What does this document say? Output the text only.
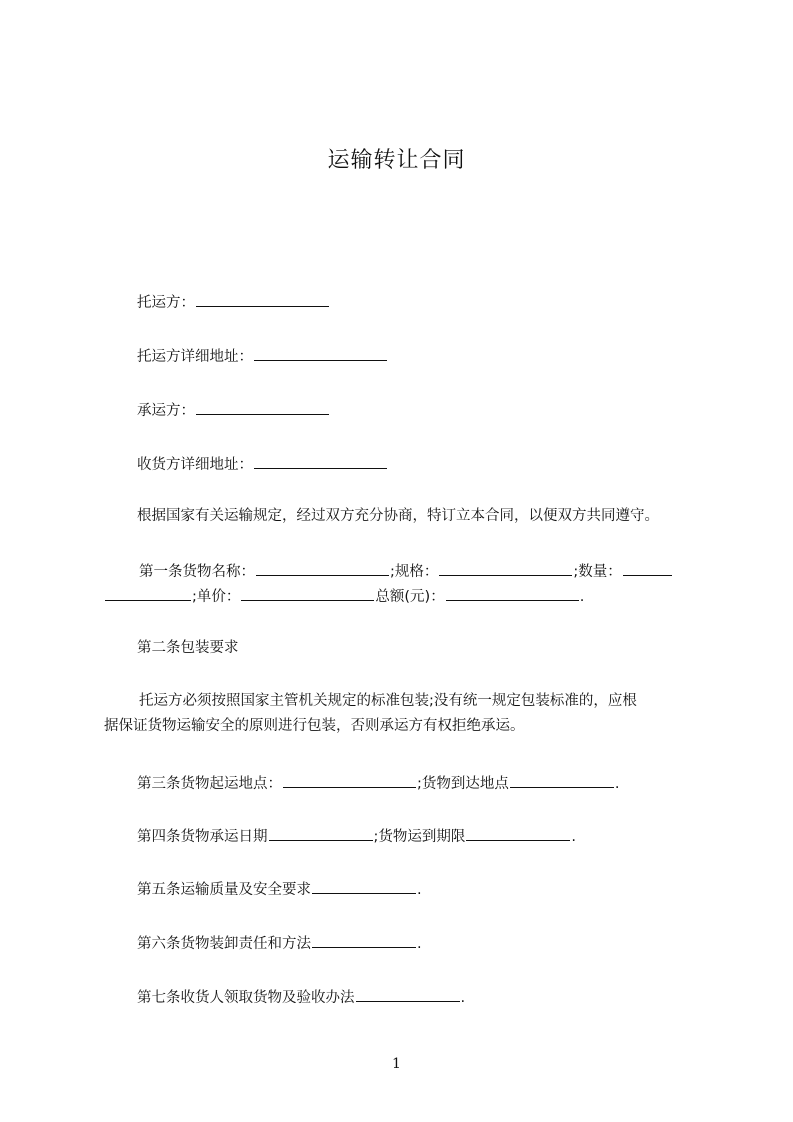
运输转让合同

托运方：

托运方详细地址：

承运方：

收货方详细地址：

根据国家有关运输规定，经过双方充分协商，特订立本合同，以便双方共同遵守。

第一条货物名称：	;规格：	;数量：

;单价：	总额(元)：	.

第二条包装要求

托运方必须按照国家主管机关规定的标准包装;没有统一规定包装标准的，应根

据保证货物运输安全的原则进行包装，否则承运方有权拒绝承运。

第三条货物起运地点：	;货物到达地点	.

第四条货物承运日期	;货物运到期限	.

第五条运输质量及安全要求	.

第六条货物装卸责任和方法	.

第七条收货人领取货物及验收办法	.

1
